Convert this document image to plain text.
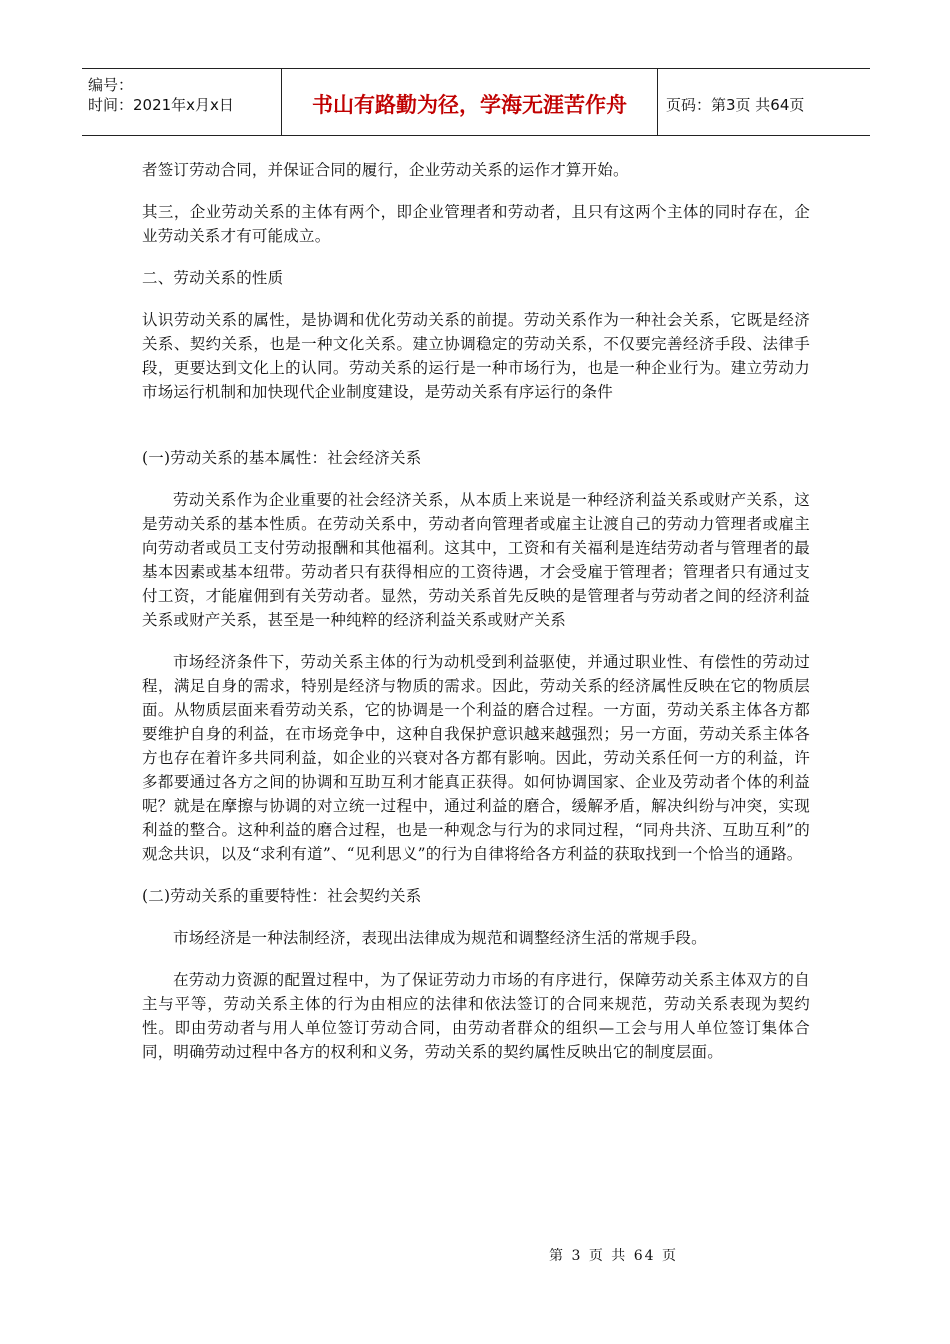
编号：
时间：2021年x月x日	书山有路勤为径，学海无涯苦作舟	页码：第3页 共64页

者签订劳动合同，并保证合同的履行，企业劳动关系的运作才算开始。

其三，企业劳动关系的主体有两个，即企业管理者和劳动者，且只有这两个主体的同时存在，企业劳动关系才有可能成立。

二、劳动关系的性质

认识劳动关系的属性，是协调和优化劳动关系的前提。劳动关系作为一种社会关系，它既是经济关系、契约关系，也是一种文化关系。建立协调稳定的劳动关系，不仅要完善经济手段、法律手段，更要达到文化上的认同。劳动关系的运行是一种市场行为，也是一种企业行为。建立劳动力市场运行机制和加快现代企业制度建设，是劳动关系有序运行的条件

(一)劳动关系的基本属性：社会经济关系

劳动关系作为企业重要的社会经济关系，从本质上来说是一种经济利益关系或财产关系，这是劳动关系的基本性质。在劳动关系中，劳动者向管理者或雇主让渡自己的劳动力管理者或雇主向劳动者或员工支付劳动报酬和其他福利。这其中，工资和有关福利是连结劳动者与管理者的最基本因素或基本纽带。劳动者只有获得相应的工资待遇，才会受雇于管理者；管理者只有通过支付工资，才能雇佣到有关劳动者。显然，劳动关系首先反映的是管理者与劳动者之间的经济利益关系或财产关系，甚至是一种纯粹的经济利益关系或财产关系

市场经济条件下，劳动关系主体的行为动机受到利益驱使，并通过职业性、有偿性的劳动过程，满足自身的需求，特别是经济与物质的需求。因此，劳动关系的经济属性反映在它的物质层面。从物质层面来看劳动关系，它的协调是一个利益的磨合过程。一方面，劳动关系主体各方都要维护自身的利益，在市场竞争中，这种自我保护意识越来越强烈；另一方面，劳动关系主体各方也存在着许多共同利益，如企业的兴衰对各方都有影响。因此，劳动关系任何一方的利益，许多都要通过各方之间的协调和互助互利才能真正获得。如何协调国家、企业及劳动者个体的利益呢？就是在摩擦与协调的对立统一过程中，通过利益的磨合，缓解矛盾，解决纠纷与冲突，实现利益的整合。这种利益的磨合过程，也是一种观念与行为的求同过程，“同舟共济、互助互利”的观念共识，以及“求利有道”、“见利思义”的行为自律将给各方利益的获取找到一个恰当的通路。

(二)劳动关系的重要特性：社会契约关系

市场经济是一种法制经济，表现出法律成为规范和调整经济生活的常规手段。

在劳动力资源的配置过程中，为了保证劳动力市场的有序进行，保障劳动关系主体双方的自主与平等，劳动关系主体的行为由相应的法律和依法签订的合同来规范，劳动关系表现为契约性。即由劳动者与用人单位签订劳动合同，由劳动者群众的组织—工会与用人单位签订集体合同，明确劳动过程中各方的权利和义务，劳动关系的契约属性反映出它的制度层面。

第 3 页 共 64 页
